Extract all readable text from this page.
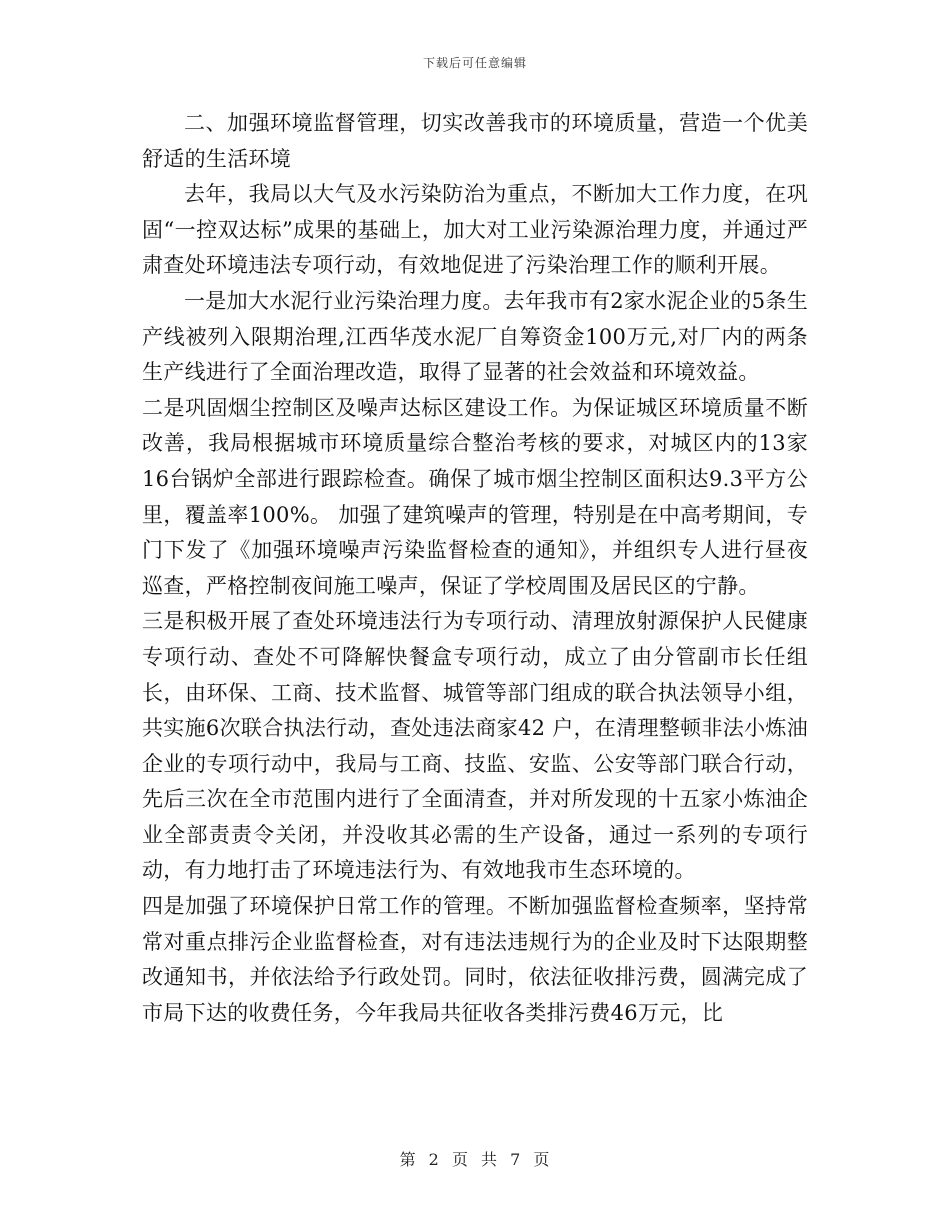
下载后可任意编辑

二、加强环境监督管理，切实改善我市的环境质量，营造一个优美舒适的生活环境

去年，我局以大气及水污染防治为重点，不断加大工作力度，在巩固“一控双达标”成果的基础上，加大对工业污染源治理力度，并通过严肃查处环境违法专项行动，有效地促进了污染治理工作的顺利开展。

一是加大水泥行业污染治理力度。去年我市有2家水泥企业的5条生产线被列入限期治理,江西华茂水泥厂自筹资金100万元,对厂内的两条生产线进行了全面治理改造，取得了显著的社会效益和环境效益。

二是巩固烟尘控制区及噪声达标区建设工作。为保证城区环境质量不断改善，我局根据城市环境质量综合整治考核的要求，对城区内的13家16台锅炉全部进行跟踪检查。确保了城市烟尘控制区面积达9.3平方公里，覆盖率100%。 加强了建筑噪声的管理，特别是在中高考期间，专门下发了《加强环境噪声污染监督检查的通知》，并组织专人进行昼夜巡查，严格控制夜间施工噪声，保证了学校周围及居民区的宁静。

三是积极开展了查处环境违法行为专项行动、清理放射源保护人民健康专项行动、查处不可降解快餐盒专项行动，成立了由分管副市长任组长，由环保、工商、技术监督、城管等部门组成的联合执法领导小组，共实施6次联合执法行动，查处违法商家42 户，在清理整顿非法小炼油企业的专项行动中，我局与工商、技监、安监、公安等部门联合行动，先后三次在全市范围内进行了全面清查，并对所发现的十五家小炼油企业全部责责令关闭，并没收其必需的生产设备，通过一系列的专项行动，有力地打击了环境违法行为、有效地我市生态环境的。

四是加强了环境保护日常工作的管理。不断加强监督检查频率，坚持常常对重点排污企业监督检查，对有违法违规行为的企业及时下达限期整改通知书，并依法给予行政处罚。同时，依法征收排污费，圆满完成了市局下达的收费任务，今年我局共征收各类排污费46万元，比

第 2 页 共 7 页
